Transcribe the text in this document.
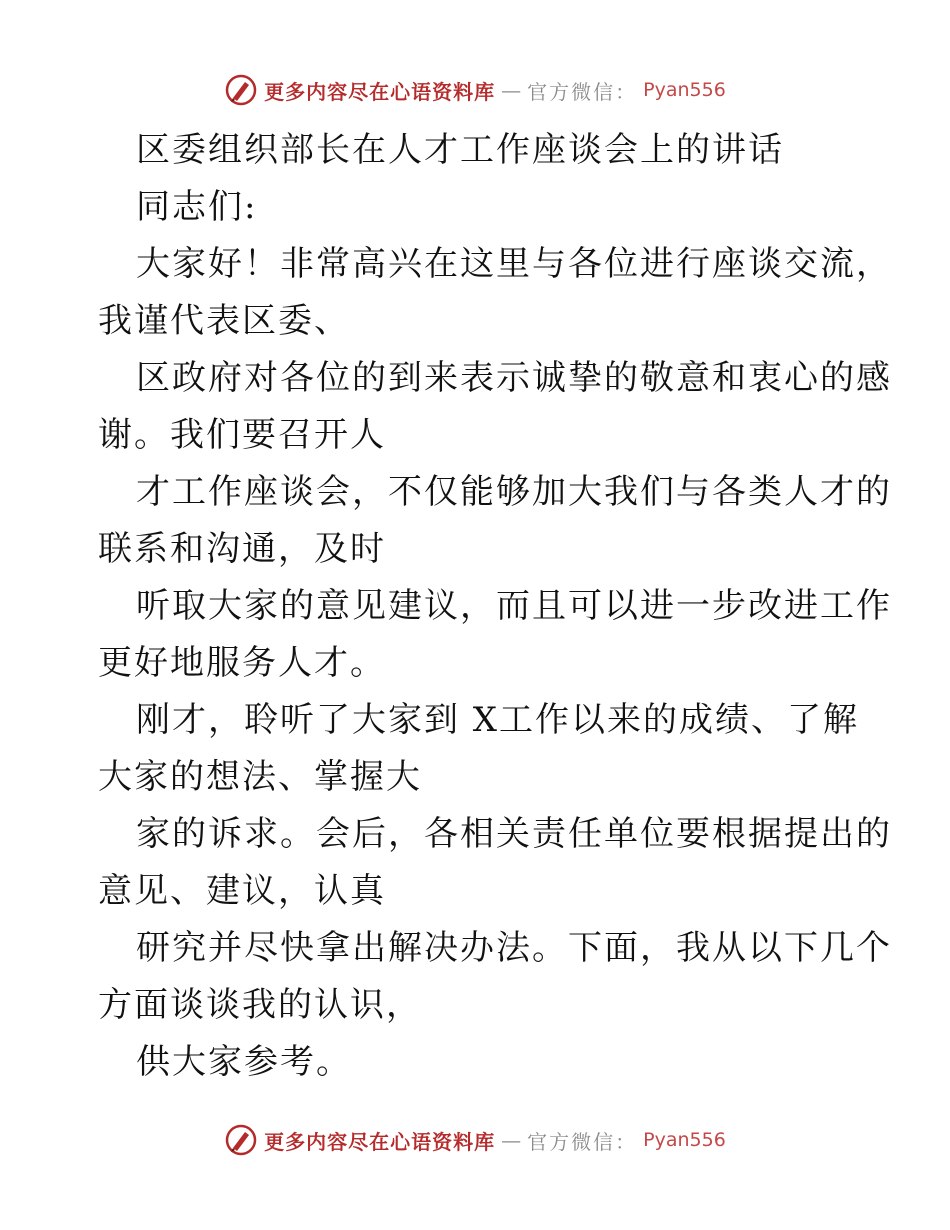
更多内容尽在心语资料库 — 官方微信： Pyan556
区委组织部长在人才工作座谈会上的讲话
同志们:
大家好！非常高兴在这里与各位进行座谈交流，
我谨代表区委、
区政府对各位的到来表示诚挚的敬意和衷心的感
谢。我们要召开人
才工作座谈会，不仅能够加大我们与各类人才的
联系和沟通，及时
听取大家的意见建议，而且可以进一步改进工作
更好地服务人才。
刚才，聆听了大家到 X工作以来的成绩、了解
大家的想法、掌握大
家的诉求。会后，各相关责任单位要根据提出的
意见、建议，认真
研究并尽快拿出解决办法。下面，我从以下几个
方面谈谈我的认识，
供大家参考。
更多内容尽在心语资料库 — 官方微信： Pyan556
